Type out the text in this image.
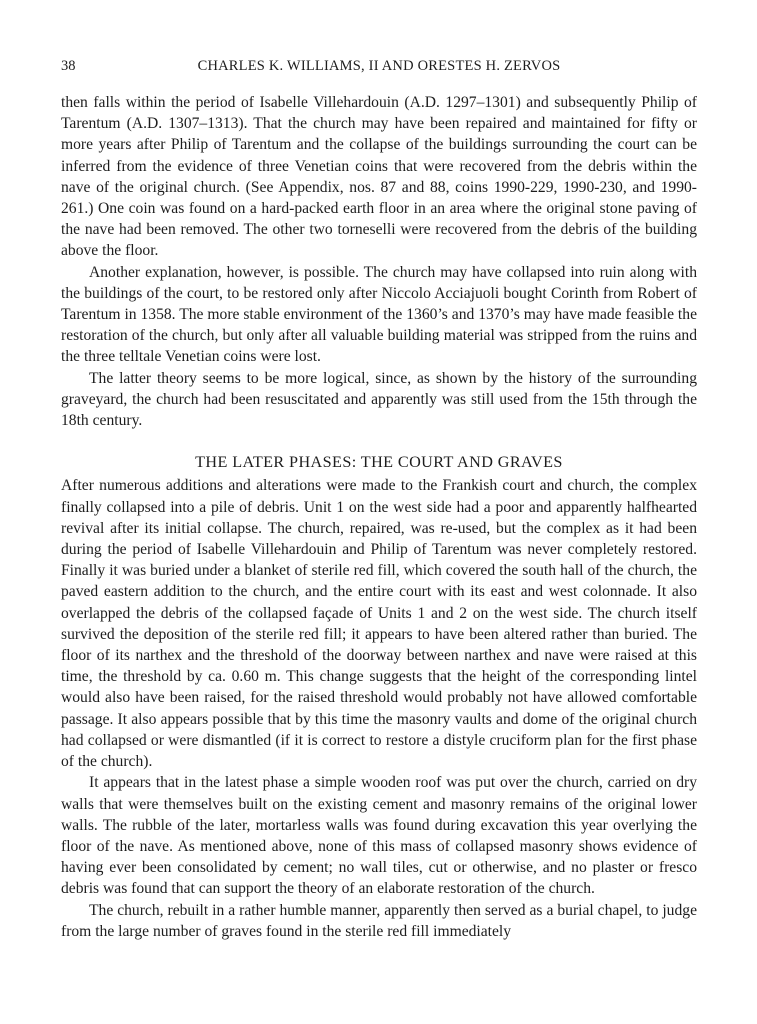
38	CHARLES K. WILLIAMS, II AND ORESTES H. ZERVOS

then falls within the period of Isabelle Villehardouin (A.D. 1297–1301) and subsequently Philip of Tarentum (A.D. 1307–1313). That the church may have been repaired and maintained for fifty or more years after Philip of Tarentum and the collapse of the buildings surrounding the court can be inferred from the evidence of three Venetian coins that were recovered from the debris within the nave of the original church. (See Appendix, nos. 87 and 88, coins 1990-229, 1990-230, and 1990-261.) One coin was found on a hard-packed earth floor in an area where the original stone paving of the nave had been removed. The other two torneselli were recovered from the debris of the building above the floor.

Another explanation, however, is possible. The church may have collapsed into ruin along with the buildings of the court, to be restored only after Niccolo Acciajuoli bought Corinth from Robert of Tarentum in 1358. The more stable environment of the 1360’s and 1370’s may have made feasible the restoration of the church, but only after all valuable building material was stripped from the ruins and the three telltale Venetian coins were lost.

The latter theory seems to be more logical, since, as shown by the history of the surrounding graveyard, the church had been resuscitated and apparently was still used from the 15th through the 18th century.

THE LATER PHASES: THE COURT AND GRAVES

After numerous additions and alterations were made to the Frankish court and church, the complex finally collapsed into a pile of debris. Unit 1 on the west side had a poor and apparently halfhearted revival after its initial collapse. The church, repaired, was re-used, but the complex as it had been during the period of Isabelle Villehardouin and Philip of Tarentum was never completely restored. Finally it was buried under a blanket of sterile red fill, which covered the south hall of the church, the paved eastern addition to the church, and the entire court with its east and west colonnade. It also overlapped the debris of the collapsed façade of Units 1 and 2 on the west side. The church itself survived the deposition of the sterile red fill; it appears to have been altered rather than buried. The floor of its narthex and the threshold of the doorway between narthex and nave were raised at this time, the threshold by ca. 0.60 m. This change suggests that the height of the corresponding lintel would also have been raised, for the raised threshold would probably not have allowed comfortable passage. It also appears possible that by this time the masonry vaults and dome of the original church had collapsed or were dismantled (if it is correct to restore a distyle cruciform plan for the first phase of the church).

It appears that in the latest phase a simple wooden roof was put over the church, carried on dry walls that were themselves built on the existing cement and masonry remains of the original lower walls. The rubble of the later, mortarless walls was found during excavation this year overlying the floor of the nave. As mentioned above, none of this mass of collapsed masonry shows evidence of having ever been consolidated by cement; no wall tiles, cut or otherwise, and no plaster or fresco debris was found that can support the theory of an elaborate restoration of the church.

The church, rebuilt in a rather humble manner, apparently then served as a burial chapel, to judge from the large number of graves found in the sterile red fill immediately
